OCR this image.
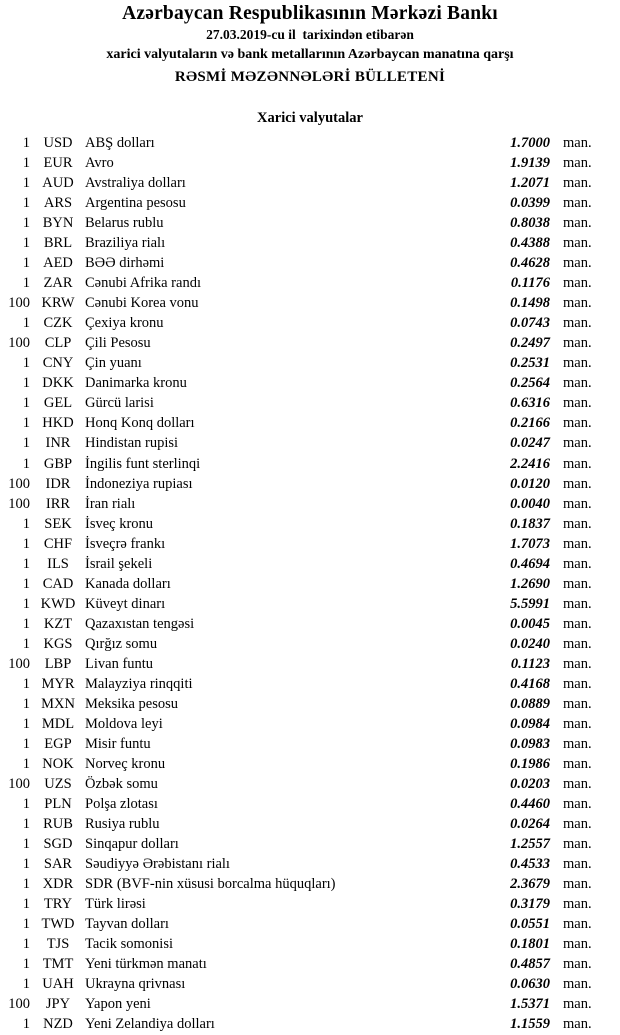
Azərbaycan Respublikasının Mərkəzi Bankı
27.03.2019-cu il  tarixindən etibarən
xarici valyutaların və bank metallarının Azərbaycan manatına qarşı
RƏSMİ MƏZƏNNƏLƏRİ BÜLLETENİ
Xarici valyutalar
1 USD ABŞ dolları	1.7000 man.
1 EUR Avro	1.9139 man.
1 AUD Avstraliya dolları	1.2071 man.
1 ARS Argentina pesosu	0.0399 man.
1 BYN Belarus rublu	0.8038 man.
1 BRL Braziliya rialı	0.4388 man.
1 AED BƏƏ dirhəmi	0.4628 man.
1 ZAR Cənubi Afrika randı	0.1176 man.
100 KRW Cənubi Korea vonu	0.1498 man.
1 CZK Çexiya kronu	0.0743 man.
100	CLP Çili Pesosu	0.2497 man.
1 CNY Çin yuanı	0.2531 man.
1 DKK Danimarka kronu	0.2564 man.
1 GEL Gürcü larisi	0.6316 man.
1 HKD Honq Konq dolları	0.2166 man.
1	INR	Hindistan rupisi	0.0247 man.
1 GBP İngilis funt sterlinqi	2.2416 man.
100	IDR	İndoneziya rupiası	0.0120 man.
100	IRR	İran rialı	0.0040 man.
1 SEK İsveç kronu	0.1837 man.
1 CHF İsveçrə frankı	1.7073 man.
1	ILS	İsrail şekeli	0.4694 man.
1 CAD Kanada dolları	1.2690 man.
1 KWD Küveyt dinarı	5.5991 man.
1 KZT Qazaxıstan tengəsi	0.0045 man.
1 KGS Qırğız somu	0.0240 man.
100	LBP Livan funtu	0.1123 man.
1 MYR Malayziya rinqqiti	0.4168 man.
1 MXN Meksika pesosu	0.0889 man.
1 MDL Moldova leyi	0.0984 man.
1 EGP Misir funtu	0.0983 man.
1 NOK Norveç kronu	0.1986 man.
100 UZS Özbək somu	0.0203 man.
1 PLN Polşa zlotası	0.4460 man.
1 RUB Rusiya rublu	0.0264 man.
1 SGD Sinqapur dolları	1.2557 man.
1 SAR Səudiyyə Ərəbistanı rialı	0.4533 man.
1 XDR SDR (BVF-nin xüsusi borcalma hüquqları)	2.3679 man.
1 TRY Türk lirəsi	0.3179 man.
1 TWD Tayvan dolları	0.0551 man.
1	TJS	Tacik somonisi	0.1801 man.
1 TMT Yeni türkmən manatı	0.4857 man.
1 UAH Ukrayna qrivnası	0.0630 man.
100	JPY	Yapon yeni	1.5371 man.
1 NZD Yeni Zelandiya dolları	1.1559 man.
